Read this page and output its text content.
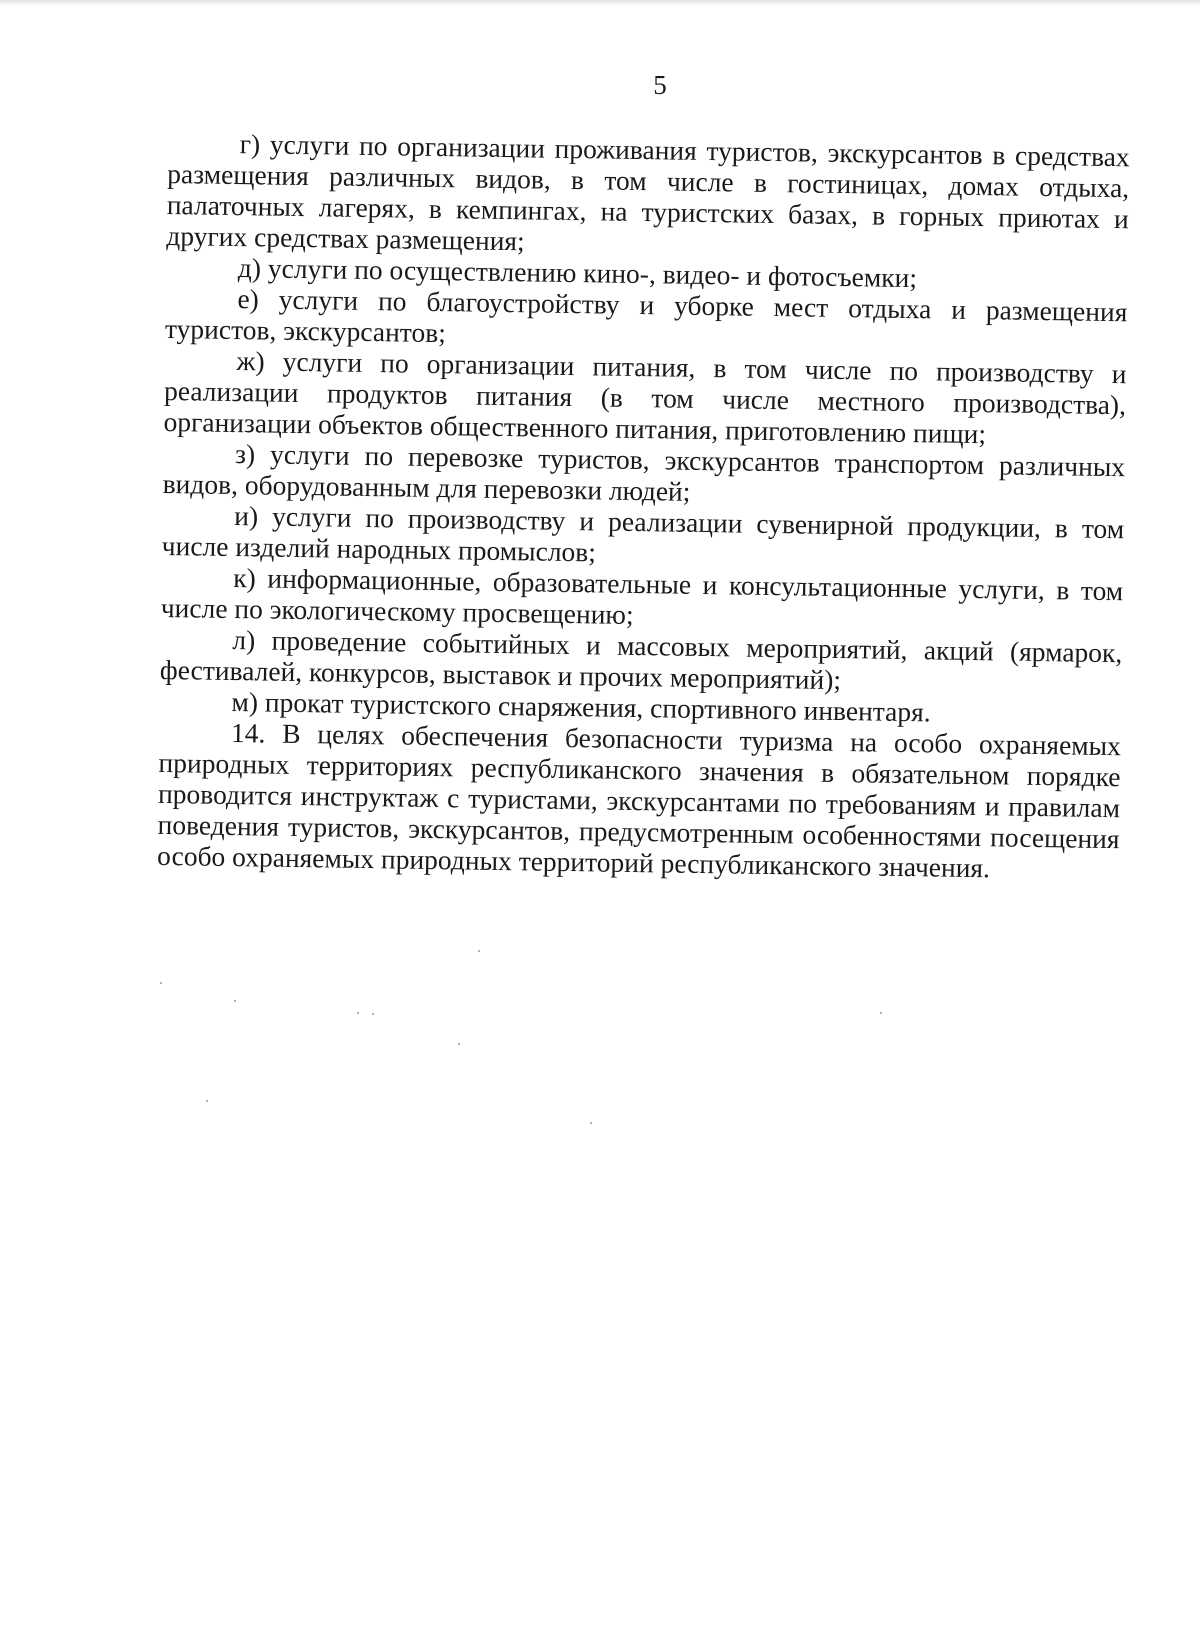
5

г) услуги по организации проживания туристов, экскурсантов в средствах размещения различных видов, в том числе в гостиницах, домах отдыха, палаточных лагерях, в кемпингах, на туристских базах, в горных приютах и других средствах размещения;

д) услуги по осуществлению кино-, видео- и фотосъемки;

е) услуги по благоустройству и уборке мест отдыха и размещения туристов, экскурсантов;

ж) услуги по организации питания, в том числе по производству и реализации продуктов питания (в том числе местного производства), организации объектов общественного питания, приготовлению пищи;

з) услуги по перевозке туристов, экскурсантов транспортом различных видов, оборудованным для перевозки людей;

и) услуги по производству и реализации сувенирной продукции, в том числе изделий народных промыслов;

к) информационные, образовательные и консультационные услуги, в том числе по экологическому просвещению;

л) проведение событийных и массовых мероприятий, акций (ярмарок, фестивалей, конкурсов, выставок и прочих мероприятий);

м) прокат туристского снаряжения, спортивного инвентаря.

14. В целях обеспечения безопасности туризма на особо охраняемых природных территориях республиканского значения в обязательном порядке проводится инструктаж с туристами, экскурсантами по требованиям и правилам поведения туристов, экскурсантов, предусмотренным особенностями посещения особо охраняемых природных территорий республиканского значения.
